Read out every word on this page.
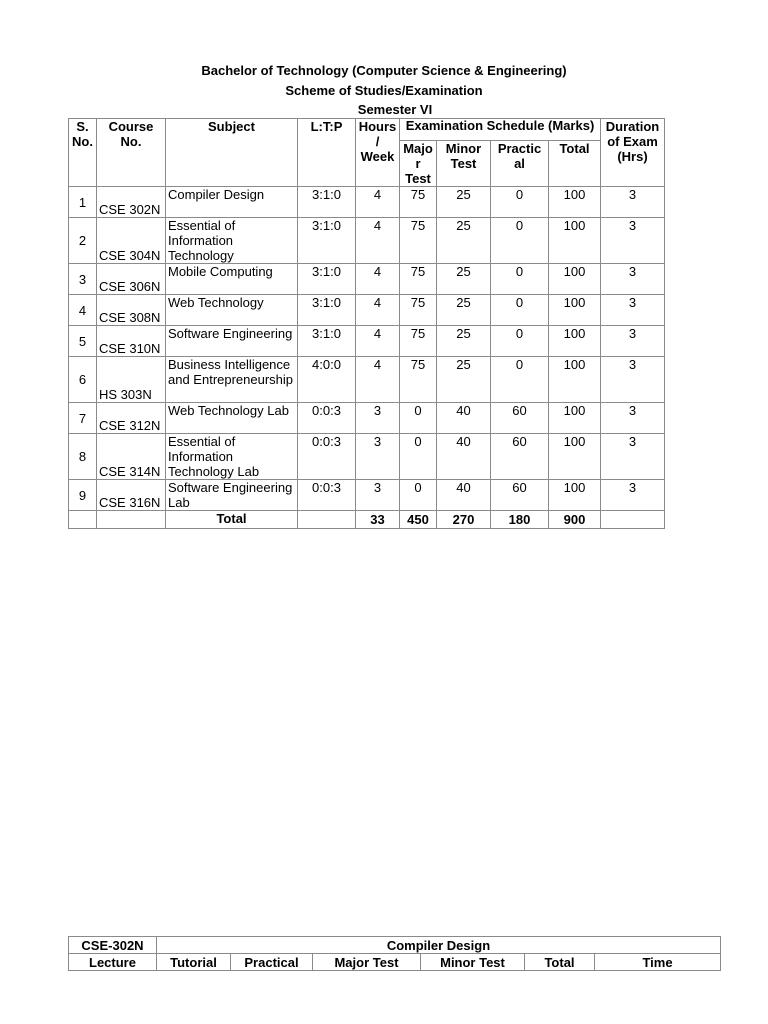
Bachelor of Technology (Computer Science & Engineering)
Scheme of Studies/Examination
Semester VI
S. No.	Course No.	Subject	L:T:P	Hours / Week	Examination Schedule (Marks)				Duration of Exam (Hrs)
					Majo r Test	Minor Test	Practic al	Total	
1	CSE 302N	Compiler Design	3:1:0	4	75	25	0	100	3
2	CSE 304N	Essential of Information Technology	3:1:0	4	75	25	0	100	3
3	CSE 306N	Mobile Computing	3:1:0	4	75	25	0	100	3
4	CSE 308N	Web Technology	3:1:0	4	75	25	0	100	3
5	CSE 310N	Software Engineering	3:1:0	4	75	25	0	100	3
6	HS 303N	Business Intelligence and Entrepreneurship	4:0:0	4	75	25	0	100	3
7	CSE 312N	Web Technology Lab	0:0:3	3	0	40	60	100	3
8	CSE 314N	Essential of Information Technology Lab	0:0:3	3	0	40	60	100	3
9	CSE 316N	Software Engineering Lab	0:0:3	3	0	40	60	100	3
		Total		33	450	270	180	900	
CSE-302N	Compiler Design					
Lecture	Tutorial	Practical	Major Test	Minor Test	Total	Time
